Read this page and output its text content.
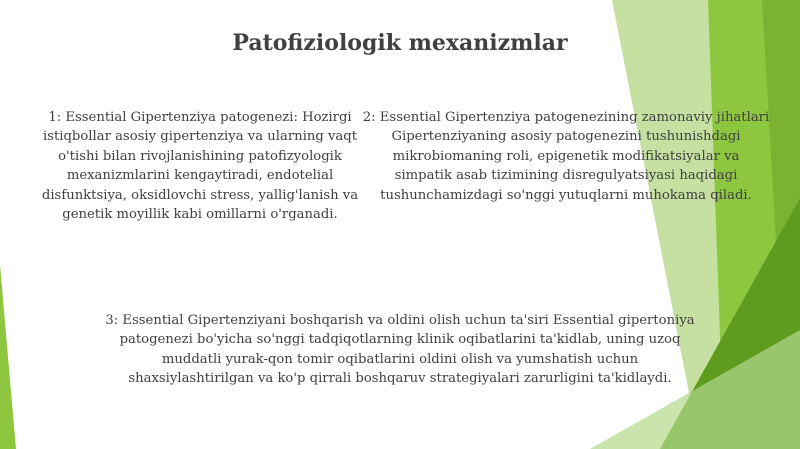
Patofiziologik mexanizmlar

1: Essential Gipertenziya patogenezi: Hozirgi istiqbollar asosiy gipertenziya va ularning vaqt o'tishi bilan rivojlanishining patofizyologik mexanizmlarini kengaytiradi, endotelial disfunktsiya, oksidlovchi stress, yallig'lanish va genetik moyillik kabi omillarni o'rganadi.

2: Essential Gipertenziya patogenezining zamonaviy jihatlari Gipertenziyaning asosiy patogenezini tushunishdagi mikrobiomaning roli, epigenetik modifikatsiyalar va simpatik asab tizimining disregulyatsiyasi haqidagi tushunchamizdagi so'nggi yutuqlarni muhokama qiladi.

3: Essential Gipertenziyani boshqarish va oldini olish uchun ta'siri Essential gipertoniya patogenezi bo'yicha so'nggi tadqiqotlarning klinik oqibatlarini ta'kidlab, uning uzoq muddatli yurak-qon tomir oqibatlarini oldini olish va yumshatish uchun shaxsiylashtirilgan va ko'p qirrali boshqaruv strategiyalari zarurligini ta'kidlaydi.
